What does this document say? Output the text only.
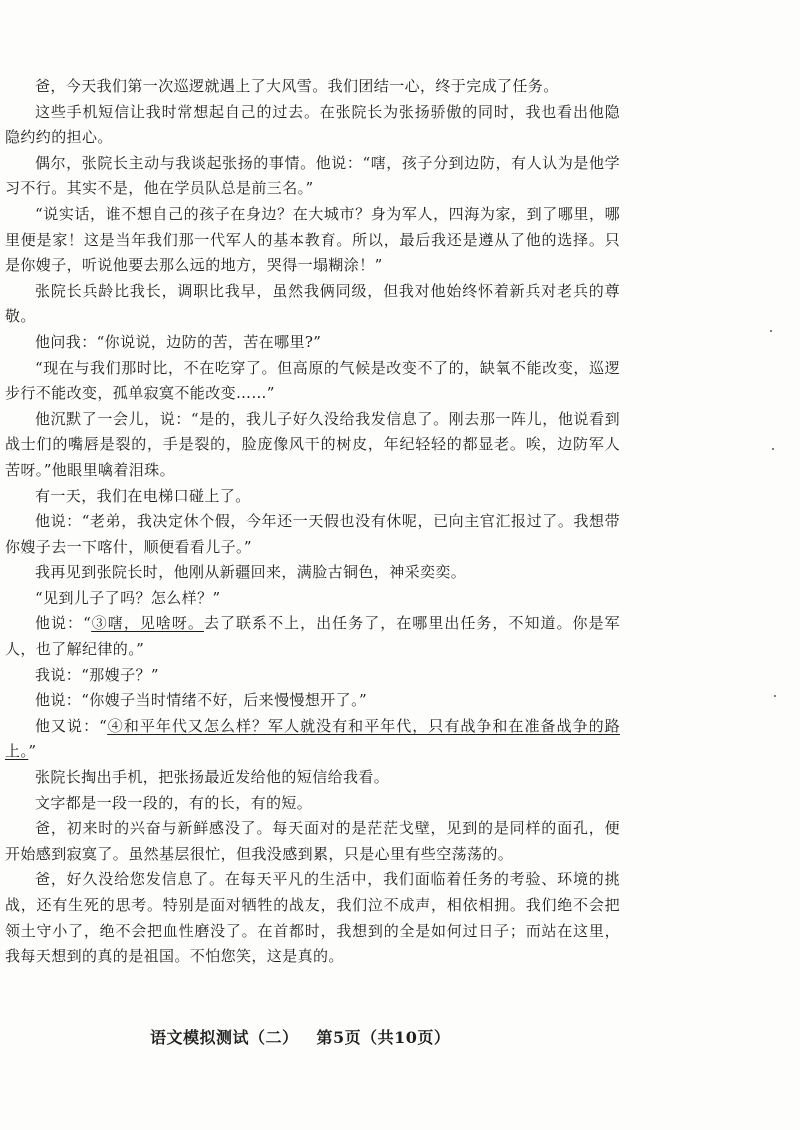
爸，今天我们第一次巡逻就遇上了大风雪。我们团结一心，终于完成了任务。

这些手机短信让我时常想起自己的过去。在张院长为张扬骄傲的同时，我也看出他隐隐约约的担心。

偶尔，张院长主动与我谈起张扬的事情。他说：“嗐，孩子分到边防，有人认为是他学习不行。其实不是，他在学员队总是前三名。”

“说实话，谁不想自己的孩子在身边？在大城市？身为军人，四海为家，到了哪里，哪里便是家！这是当年我们那一代军人的基本教育。所以，最后我还是遵从了他的选择。只是你嫂子，听说他要去那么远的地方，哭得一塌糊涂！”

张院长兵龄比我长，调职比我早，虽然我俩同级，但我对他始终怀着新兵对老兵的尊敬。

他问我：“你说说，边防的苦，苦在哪里?”

“现在与我们那时比，不在吃穿了。但高原的气候是改变不了的，缺氧不能改变，巡逻步行不能改变，孤单寂寞不能改变……”

他沉默了一会儿，说：“是的，我儿子好久没给我发信息了。刚去那一阵儿，他说看到战士们的嘴唇是裂的，手是裂的，脸庞像风干的树皮，年纪轻轻的都显老。唉，边防军人苦呀。”他眼里噙着泪珠。

有一天，我们在电梯口碰上了。

他说：“老弟，我决定休个假，今年还一天假也没有休呢，已向主官汇报过了。我想带你嫂子去一下喀什，顺便看看儿子。”

我再见到张院长时，他刚从新疆回来，满脸古铜色，神采奕奕。

“见到儿子了吗？怎么样？”

他说：“③嗐，见啥呀。去了联系不上，出任务了，在哪里出任务，不知道。你是军人，也了解纪律的。”

我说：“那嫂子？”

他说：“你嫂子当时情绪不好，后来慢慢想开了。”

他又说：“④和平年代又怎么样？军人就没有和平年代，只有战争和在准备战争的路上。”

张院长掏出手机，把张扬最近发给他的短信给我看。

文字都是一段一段的，有的长，有的短。

爸，初来时的兴奋与新鲜感没了。每天面对的是茫茫戈壁，见到的是同样的面孔，便开始感到寂寞了。虽然基层很忙，但我没感到累，只是心里有些空荡荡的。

爸，好久没给您发信息了。在每天平凡的生活中，我们面临着任务的考验、环境的挑战，还有生死的思考。特别是面对牺牲的战友，我们泣不成声，相依相拥。我们绝不会把领土守小了，绝不会把血性磨没了。在首都时，我想到的全是如何过日子；而站在这里，我每天想到的真的是祖国。不怕您笑，这是真的。

语文模拟测试（二） 第5页（共10页）
